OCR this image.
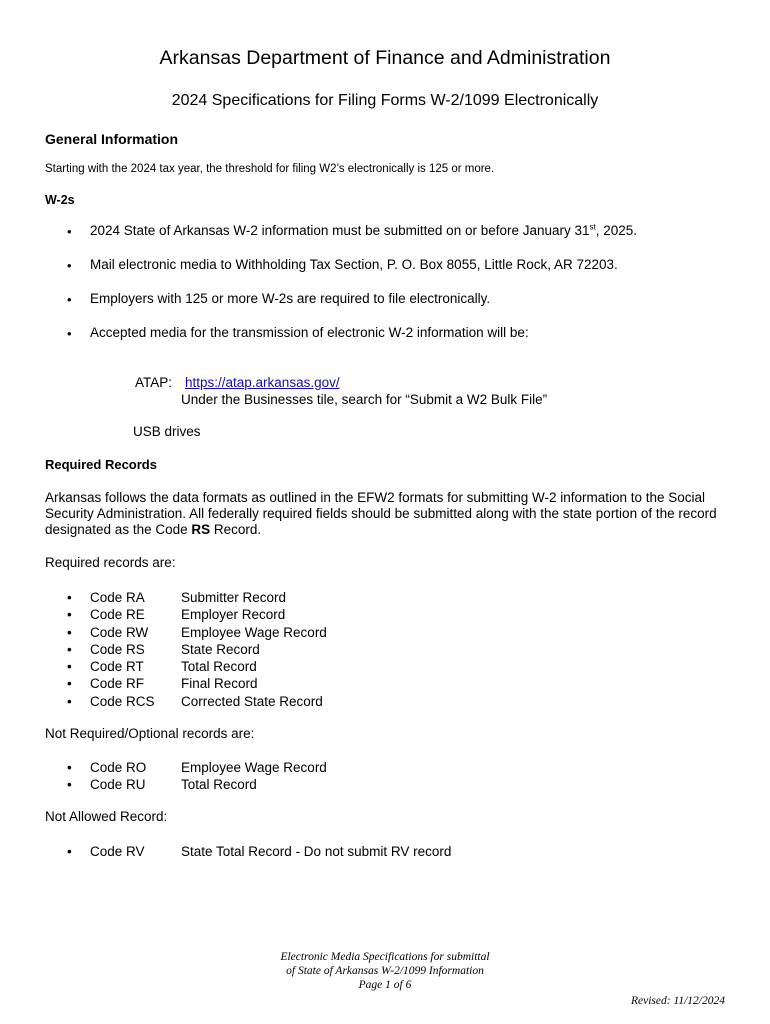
Arkansas Department of Finance and Administration
2024 Specifications for Filing Forms W-2/1099 Electronically
General Information
Starting with the 2024 tax year, the threshold for filing W2’s electronically is 125 or more.
W-2s
• 2024 State of Arkansas W-2 information must be submitted on or before January 31st, 2025.
• Mail electronic media to Withholding Tax Section, P. O. Box 8055, Little Rock, AR 72203.
• Employers with 125 or more W-2s are required to file electronically.
• Accepted media for the transmission of electronic W-2 information will be:
ATAP: https://atap.arkansas.gov/
Under the Businesses tile, search for “Submit a W2 Bulk File”
USB drives
Required Records
Arkansas follows the data formats as outlined in the EFW2 formats for submitting W-2 information to the Social
Security Administration. All federally required fields should be submitted along with the state portion of the record
designated as the Code RS Record.
Required records are:
• Code RA	Submitter Record
• Code RE	Employer Record
• Code RW Employee Wage Record
• Code RS	State Record
• Code RT	Total Record
• Code RF	Final Record
• Code RCS Corrected State Record
Not Required/Optional records are:
• Code RO	Employee Wage Record
• Code RU	Total Record
Not Allowed Record:
• Code RV	State Total Record - Do not submit RV record
Electronic Media Specifications for submittal
of State of Arkansas W-2/1099 Information
Page 1 of 6
Revised: 11/12/2024
